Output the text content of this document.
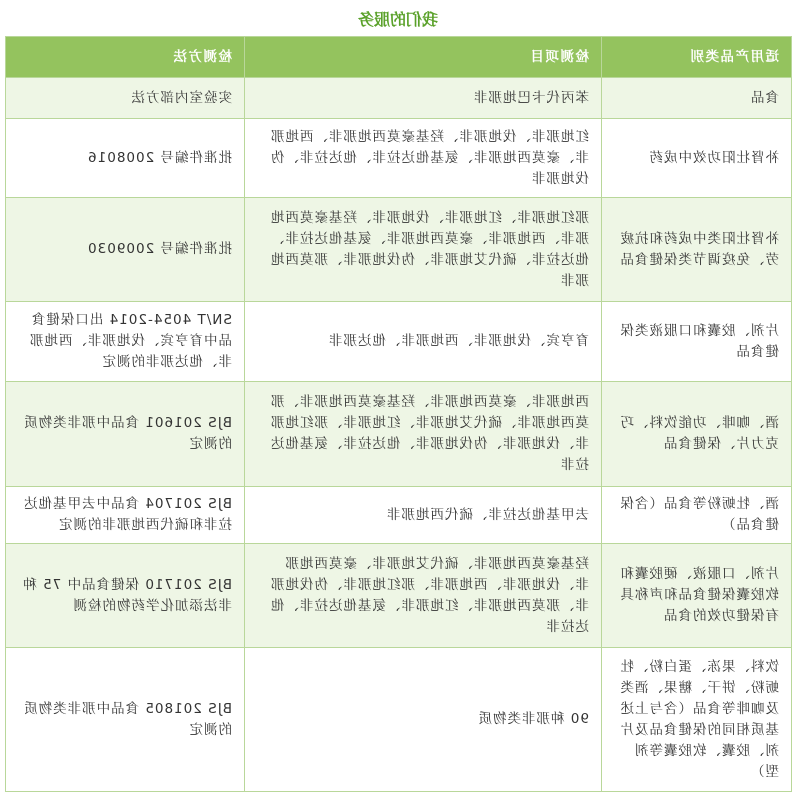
我们的服务
适用产品类别	检测项目	检测方法
食品	苯丙代卡巴地那非	实验室内部方法
补肾壮阳功效中成药	红地那非、伐地那非、羟基豪莫西地那非、西地那非、豪莫西地那非、氨基他达拉非、他达拉非、伪伐地那非	批准件编号 2008016
补肾壮阳类中成药和抗疲劳、免疫调节类保健食品	那红地那非、红地那非、伐地那非、羟基豪莫西地那非、西地那非、豪莫西地那非、氨基他达拉非、他达拉非、硫代艾地那非、伪伐地那非、那莫西地那非	批准件编号 2009030
片剂、胶囊和口服液类保健食品	育亨宾、伐地那非、西地那非、他达那非	SN/T 4054-2014 出口保健食品中育亨宾、伐地那非、西地那非、他达那非的测定
酒、咖啡、功能饮料、巧克力片、保健食品	西地那非、豪莫西地那非、羟基豪莫西地那非、那莫西地那非、硫代艾地那非、红地那非、那红地那非、伐地那非、伪伐地那非、他达拉非、氨基他达拉非	BJS 201601 食品中那非类物质的测定
酒、牡蛎粉等食品（含保健食品）	去甲基他达拉非、硫代西地那非	BJS 201704 食品中去甲基他达拉非和硫代西地那非的测定
片剂、口服液、硬胶囊和软胶囊保健食品和声称具有保健功效的食品	羟基豪莫西地那非、硫代艾地那非、豪莫西地那非、伐地那非、西地那非、那红地那非、伪伐地那非、那莫西地那非、红地那非、氨基他达拉非、他达拉非	BJS 201710 保健食品中 75 种非法添加化学药物的检测
饮料、果冻、蛋白粉、牡蛎粉、饼干、糖果、酒类及咖啡等食品（含与上述基质相同的保健食品及片剂、胶囊、软胶囊等剂型）	90 种那非类物质	BJS 201805 食品中那非类物质的测定
